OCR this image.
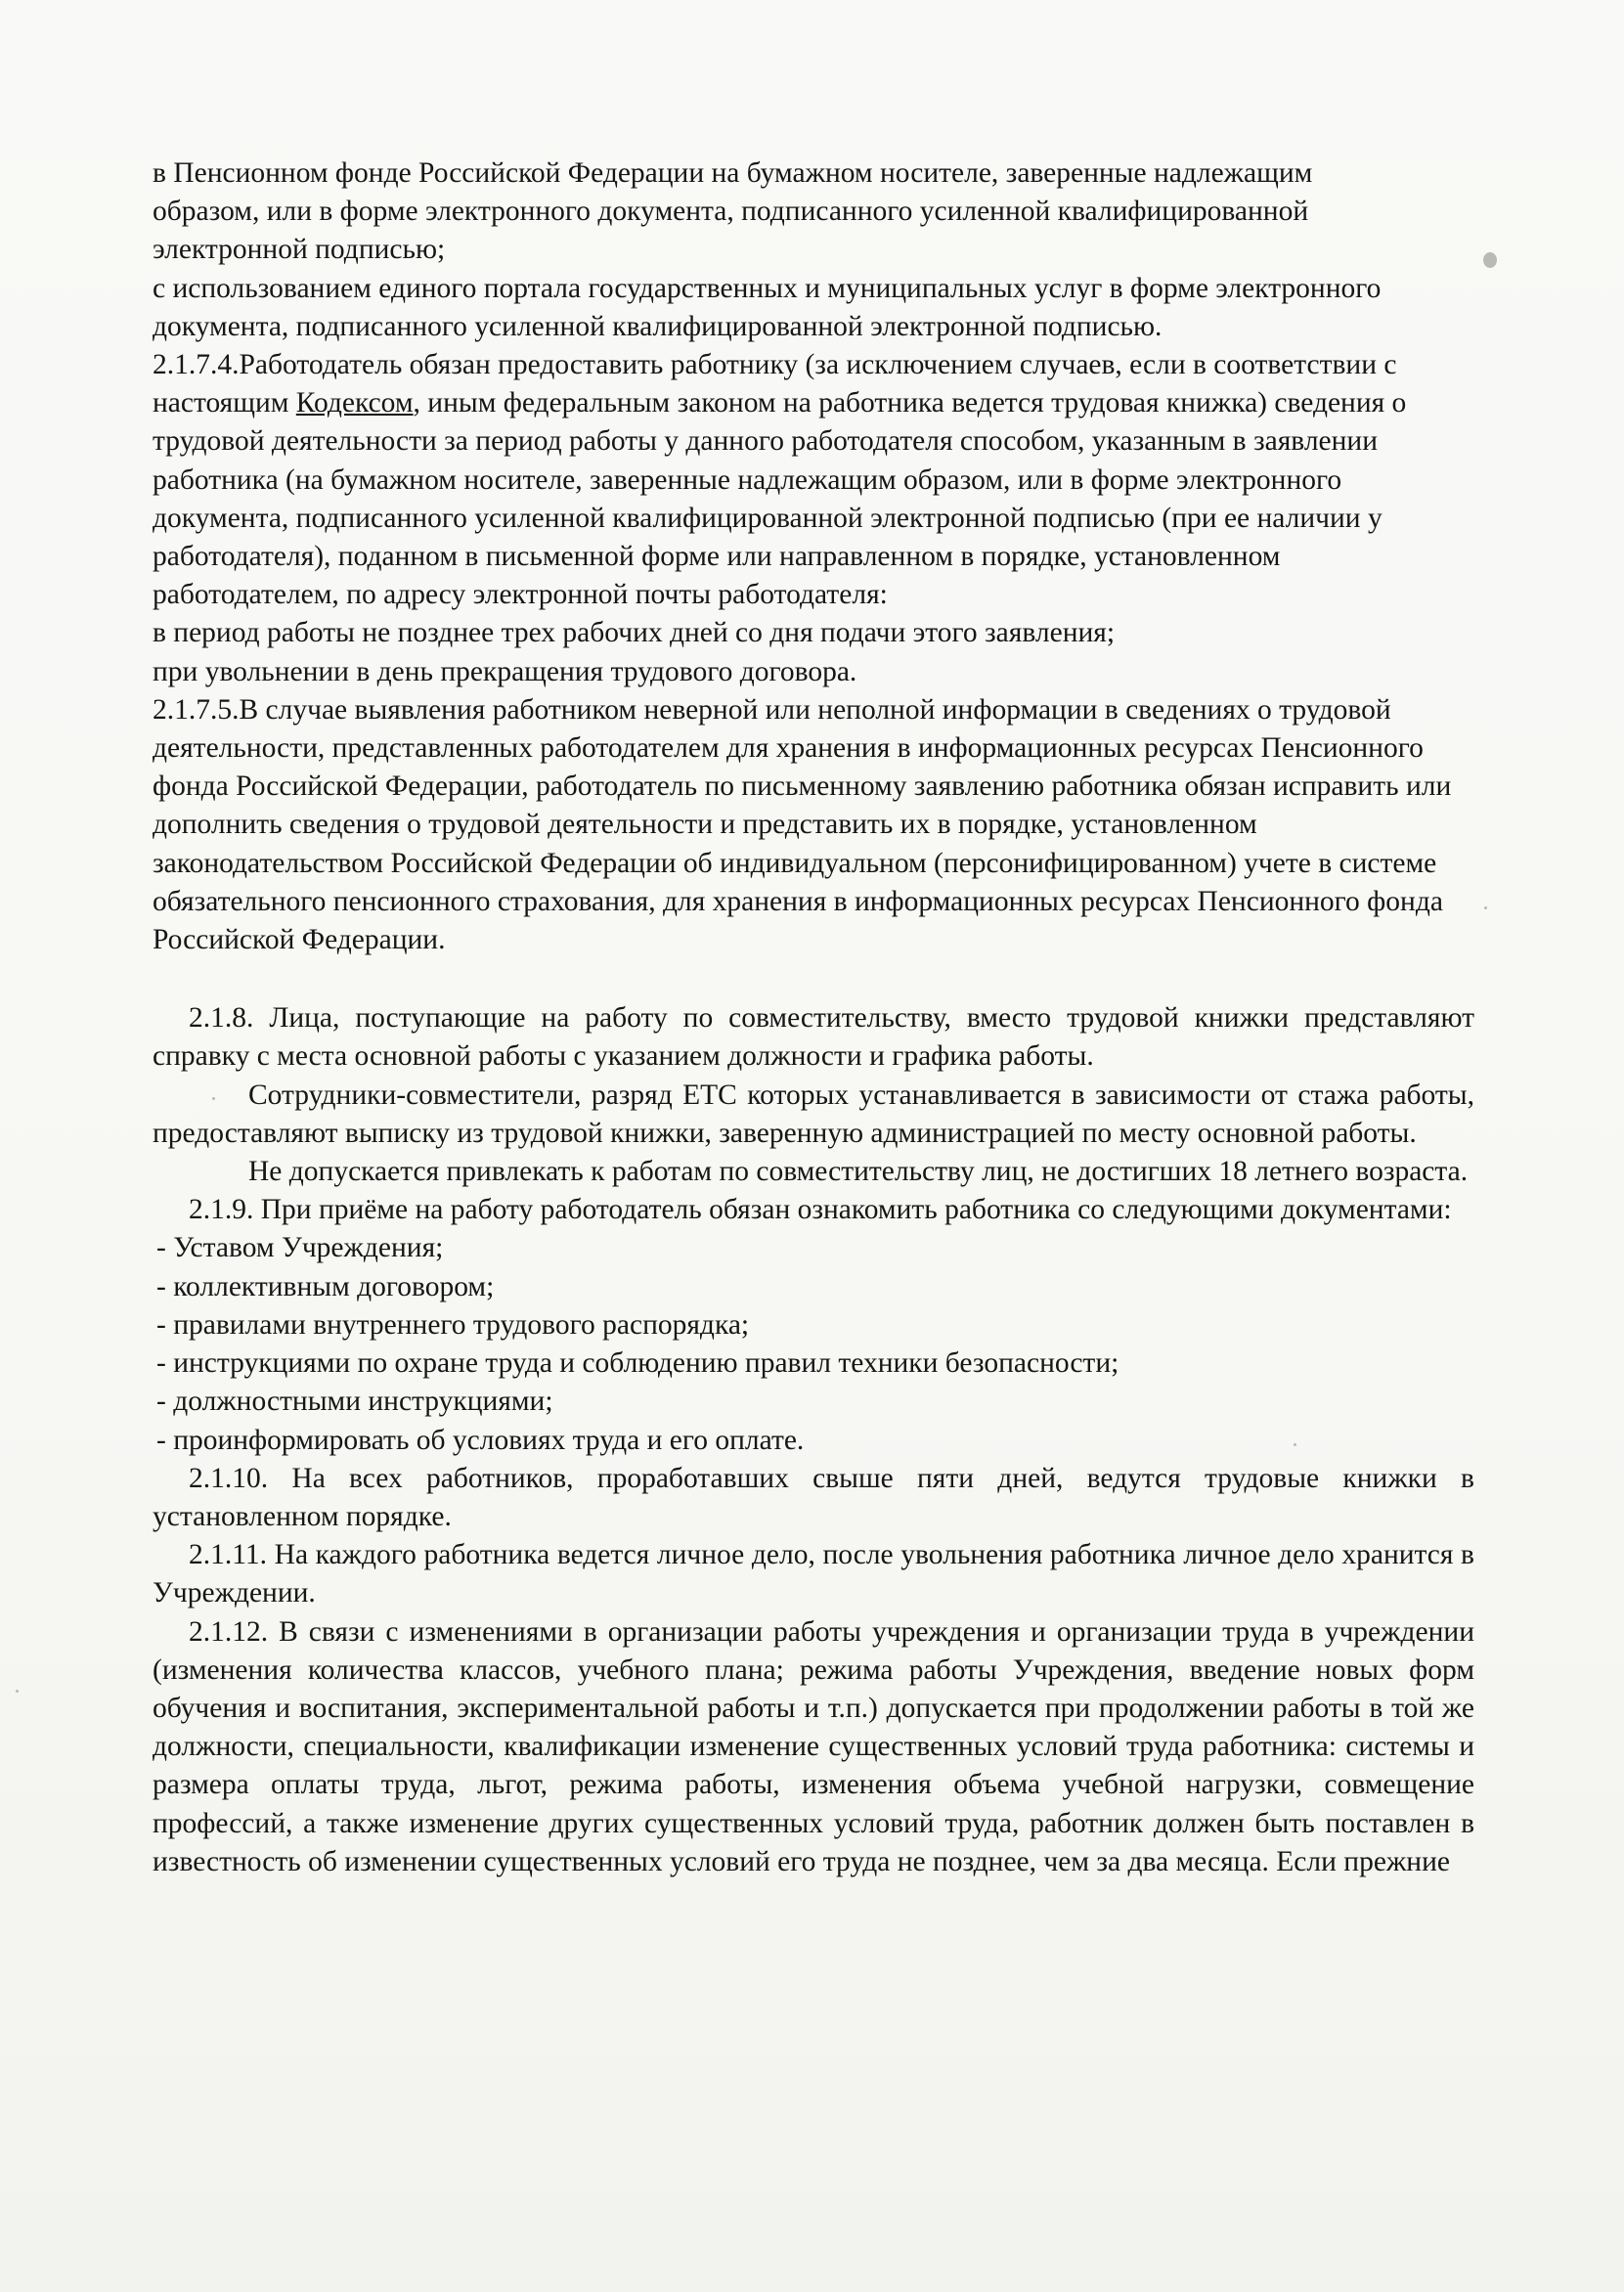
в Пенсионном фонде Российской Федерации на бумажном носителе, заверенные надлежащим образом, или в форме электронного документа, подписанного усиленной квалифицированной электронной подписью;

с использованием единого портала государственных и муниципальных услуг в форме электронного документа, подписанного усиленной квалифицированной электронной подписью.

2.1.7.4.Работодатель обязан предоставить работнику (за исключением случаев, если в соответствии с настоящим Кодексом, иным федеральным законом на работника ведется трудовая книжка) сведения о трудовой деятельности за период работы у данного работодателя способом, указанным в заявлении работника (на бумажном носителе, заверенные надлежащим образом, или в форме электронного документа, подписанного усиленной квалифицированной электронной подписью (при ее наличии у работодателя), поданном в письменной форме или направленном в порядке, установленном работодателем, по адресу электронной почты работодателя:

в период работы не позднее трех рабочих дней со дня подачи этого заявления;

при увольнении в день прекращения трудового договора.

2.1.7.5.В случае выявления работником неверной или неполной информации в сведениях о трудовой деятельности, представленных работодателем для хранения в информационных ресурсах Пенсионного фонда Российской Федерации, работодатель по письменному заявлению работника обязан исправить или дополнить сведения о трудовой деятельности и представить их в порядке, установленном законодательством Российской Федерации об индивидуальном (персонифицированном) учете в системе обязательного пенсионного страхования, для хранения в информационных ресурсах Пенсионного фонда Российской Федерации.

2.1.8. Лица, поступающие на работу по совместительству, вместо трудовой книжки представляют справку с места основной работы с указанием должности и графика работы.

Сотрудники-совместители, разряд ЕТС которых устанавливается в зависимости от стажа работы, предоставляют выписку из трудовой книжки, заверенную администрацией по месту основной работы.

Не допускается привлекать к работам по совместительству лиц, не достигших 18 летнего возраста.

2.1.9. При приёме на работу работодатель обязан ознакомить работника со следующими документами:

- Уставом Учреждения;

- коллективным договором;

- правилами внутреннего трудового распорядка;

- инструкциями по охране труда и соблюдению правил техники безопасности;

- должностными инструкциями;

- проинформировать об условиях труда и его оплате.

2.1.10. На всех работников, проработавших свыше пяти дней, ведутся трудовые книжки в установленном порядке.

2.1.11. На каждого работника ведется личное дело, после увольнения работника личное дело хранится в Учреждении.

2.1.12. В связи с изменениями в организации работы учреждения и организации труда в учреждении (изменения количества классов, учебного плана; режима работы Учреждения, введение новых форм обучения и воспитания, экспериментальной работы и т.п.) допускается при продолжении работы в той же должности, специальности, квалификации изменение существенных условий труда работника: системы и размера оплаты труда, льгот, режима работы, изменения объема учебной нагрузки, совмещение профессий, а также изменение других существенных условий труда, работник должен быть поставлен в известность об изменении существенных условий его труда не позднее, чем за два месяца. Если прежние
